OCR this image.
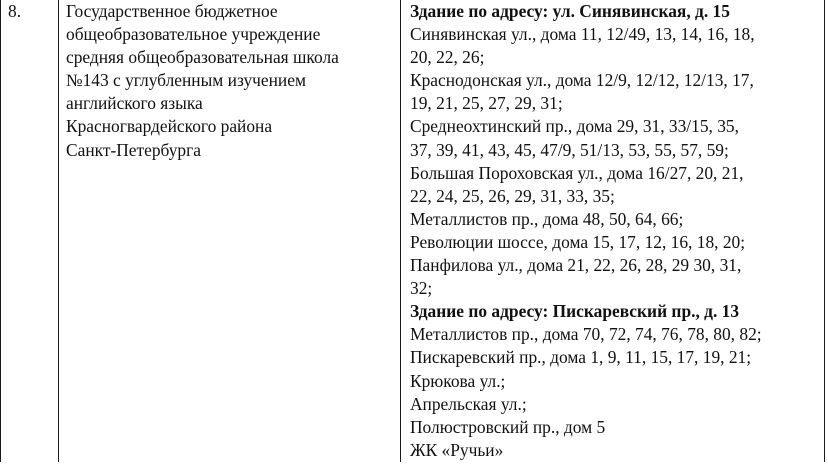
8.	Государственное бюджетное
общеобразовательное учреждение
средняя общеобразовательная школа
№143 с углубленным изучением
английского языка
Красногвардейского района
Санкт-Петербурга
Здание по адресу: ул. Синявинская, д. 15
Синявинская ул., дома 11, 12/49, 13, 14, 16, 18,
20, 22, 26;
Краснодонская ул., дома 12/9, 12/12, 12/13, 17,
19, 21, 25, 27, 29, 31;
Среднеохтинский пр., дома 29, 31, 33/15, 35,
37, 39, 41, 43, 45, 47/9, 51/13, 53, 55, 57, 59;
Большая Пороховская ул., дома 16/27, 20, 21,
22, 24, 25, 26, 29, 31, 33, 35;
Металлистов пр., дома 48, 50, 64, 66;
Революции шоссе, дома 15, 17, 12, 16, 18, 20;
Панфилова ул., дома 21, 22, 26, 28, 29 30, 31,
32;
Здание по адресу: Пискаревский пр., д. 13
Металлистов пр., дома 70, 72, 74, 76, 78, 80, 82;
Пискаревский пр., дома 1, 9, 11, 15, 17, 19, 21;
Крюкова ул.;
Апрельская ул.;
Полюстровский пр., дом 5
ЖК «Ручьи»
